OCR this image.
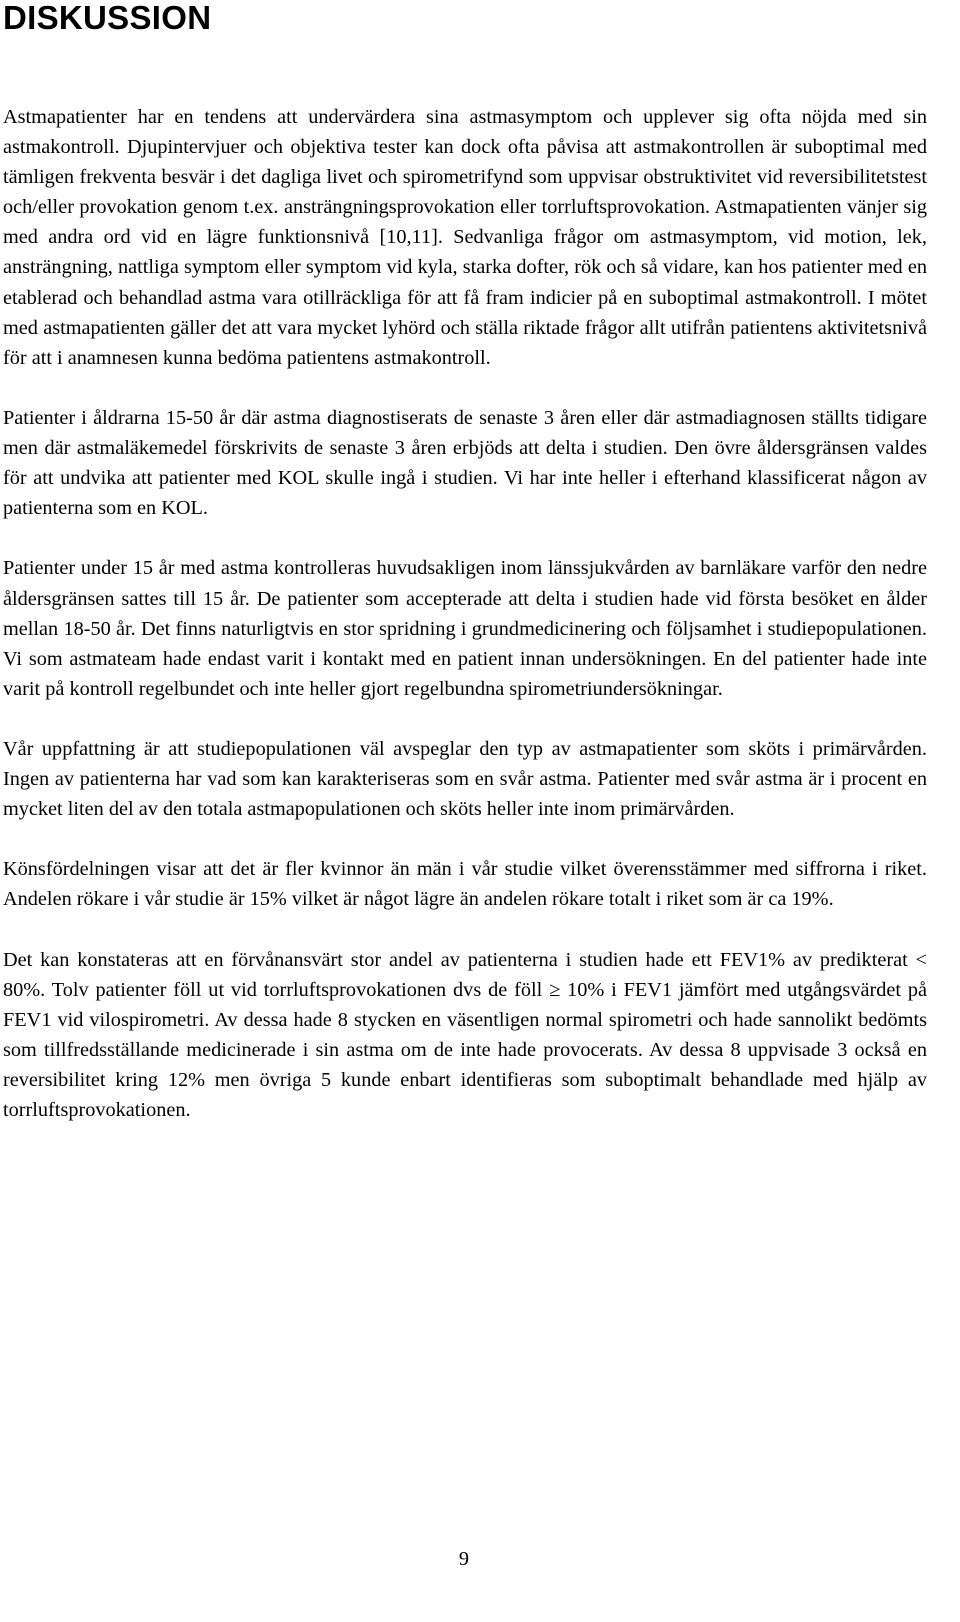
DISKUSSION

Astmapatienter har en tendens att undervärdera sina astmasymptom och upplever sig ofta nöjda med sin astmakontroll. Djupintervjuer och objektiva tester kan dock ofta påvisa att astmakontrollen är suboptimal med tämligen frekventa besvär i det dagliga livet och spirometrifynd som uppvisar obstruktivitet vid reversibilitetstest och/eller provokation genom t.ex. ansträngningsprovokation eller torrluftsprovokation. Astmapatienten vänjer sig med andra ord vid en lägre funktionsnivå [10,11]. Sedvanliga frågor om astmasymptom, vid motion, lek, ansträngning, nattliga symptom eller symptom vid kyla, starka dofter, rök och så vidare, kan hos patienter med en etablerad och behandlad astma vara otillräckliga för att få fram indicier på en suboptimal astmakontroll. I mötet med astmapatienten gäller det att vara mycket lyhörd och ställa riktade frågor allt utifrån patientens aktivitetsnivå för att i anamnesen kunna bedöma patientens astmakontroll.

Patienter i åldrarna 15-50 år där astma diagnostiserats de senaste 3 åren eller där astmadiagnosen ställts tidigare men där astmaläkemedel förskrivits de senaste 3 åren erbjöds att delta i studien. Den övre åldersgränsen valdes för att undvika att patienter med KOL skulle ingå i studien. Vi har inte heller i efterhand klassificerat någon av patienterna som en KOL.

Patienter under 15 år med astma kontrolleras huvudsakligen inom länssjukvården av barnläkare varför den nedre åldersgränsen sattes till 15 år. De patienter som accepterade att delta i studien hade vid första besöket en ålder mellan 18-50 år. Det finns naturligtvis en stor spridning i grundmedicinering och följsamhet i studiepopulationen. Vi som astmateam hade endast varit i kontakt med en patient innan undersökningen. En del patienter hade inte varit på kontroll regelbundet och inte heller gjort regelbundna spirometriundersökningar.

Vår uppfattning är att studiepopulationen väl avspeglar den typ av astmapatienter som sköts i primärvården. Ingen av patienterna har vad som kan karakteriseras som en svår astma. Patienter med svår astma är i procent en mycket liten del av den totala astmapopulationen och sköts heller inte inom primärvården.

Könsfördelningen visar att det är fler kvinnor än män i vår studie vilket överensstämmer med siffrorna i riket. Andelen rökare i vår studie är 15% vilket är något lägre än andelen rökare totalt i riket som är ca 19%.

Det kan konstateras att en förvånansvärt stor andel av patienterna i studien hade ett FEV1% av predikterat < 80%. Tolv patienter föll ut vid torrluftsprovokationen dvs de föll ≥ 10% i FEV1 jämfört med utgångsvärdet på FEV1 vid vilospirometri. Av dessa hade 8 stycken en väsentligen normal spirometri och hade sannolikt bedömts som tillfredsställande medicinerade i sin astma om de inte hade provocerats. Av dessa 8 uppvisade 3 också en reversibilitet kring 12% men övriga 5 kunde enbart identifieras som suboptimalt behandlade med hjälp av torrluftsprovokationen.

9
